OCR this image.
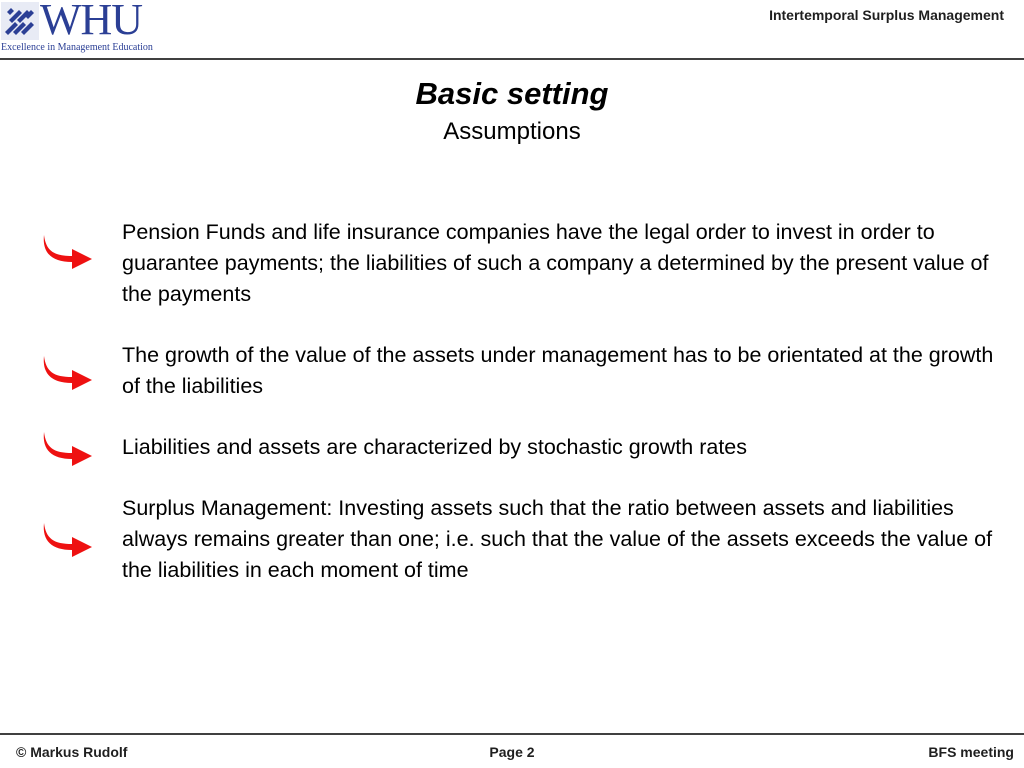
WHU
Excellence in Management Education
Intertemporal Surplus Management
Basic setting
Assumptions
Pension Funds and life insurance companies have the legal order to invest in order to guarantee payments; the liabilities of such a company a determined by the present value of the payments
The growth of the value of the assets under management has to be orientated at the growth of the liabilities
Liabilities and assets are characterized by stochastic growth rates
Surplus Management: Investing assets such that the ratio between assets and liabilities always remains greater than one; i.e. such that the value of the assets exceeds the value of the liabilities in each moment of time
© Markus Rudolf	Page 2	BFS meeting
